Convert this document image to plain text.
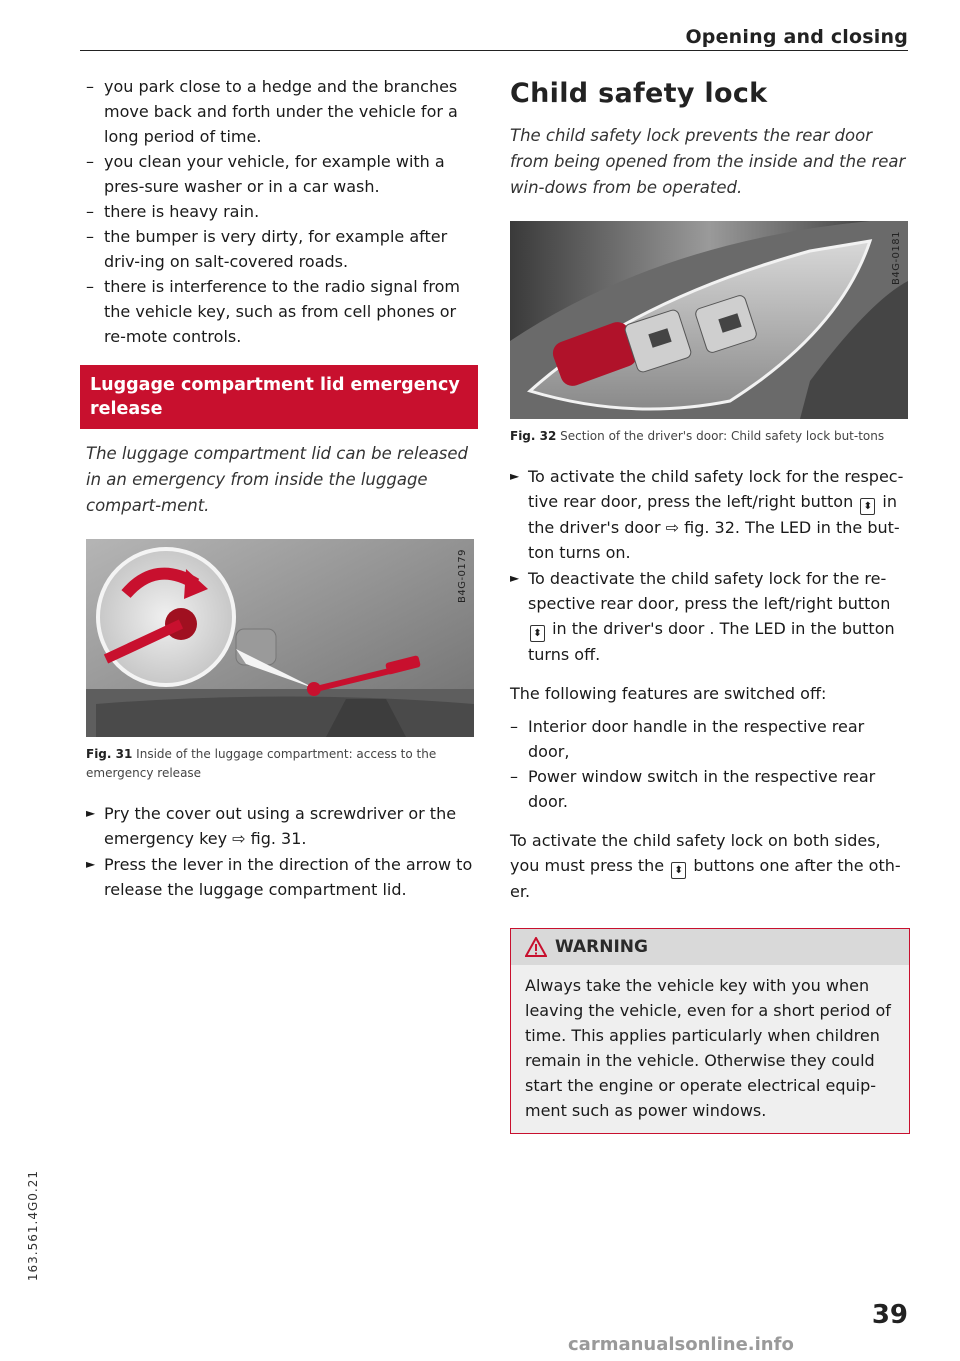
Opening and closing
– you park close to a hedge and the branches move back and forth under the vehicle for a long period of time.
– you clean your vehicle, for example with a pres-sure washer or in a car wash.
– there is heavy rain.
– the bumper is very dirty, for example after driv-ing on salt-covered roads.
– there is interference to the radio signal from the vehicle key, such as from cell phones or re-mote controls.
Luggage compartment lid emergency release

The luggage compartment lid can be released in an emergency from inside the luggage compart-ment.

B4G-0179

Fig. 31 Inside of the luggage compartment: access to the emergency release

► Pry the cover out using a screwdriver or the emergency key ⇨ fig. 31.
► Press the lever in the direction of the arrow to release the luggage compartment lid.
Child safety lock

The child safety lock prevents the rear door from being opened from the inside and the rear win-dows from be operated.

B4G-0181

Fig. 32 Section of the driver's door: Child safety lock but-tons

► To activate the child safety lock for the respec-tive rear door, press the left/right button ⬍ in the driver's door ⇨ fig. 32. The LED in the but-ton turns on.
► To deactivate the child safety lock for the re-spective rear door, press the left/right button ⬍ in the driver's door . The LED in the button turns off.

The following features are switched off:

– Interior door handle in the respective rear door,
– Power window switch in the respective rear door.

To activate the child safety lock on both sides, you must press the ⬍ buttons one after the oth-er.

WARNING
Always take the vehicle key with you when leaving the vehicle, even for a short period of time. This applies particularly when children remain in the vehicle. Otherwise they could start the engine or operate electrical equip-ment such as power windows.
163.561.4G0.21
39
carmanualsonline.info
